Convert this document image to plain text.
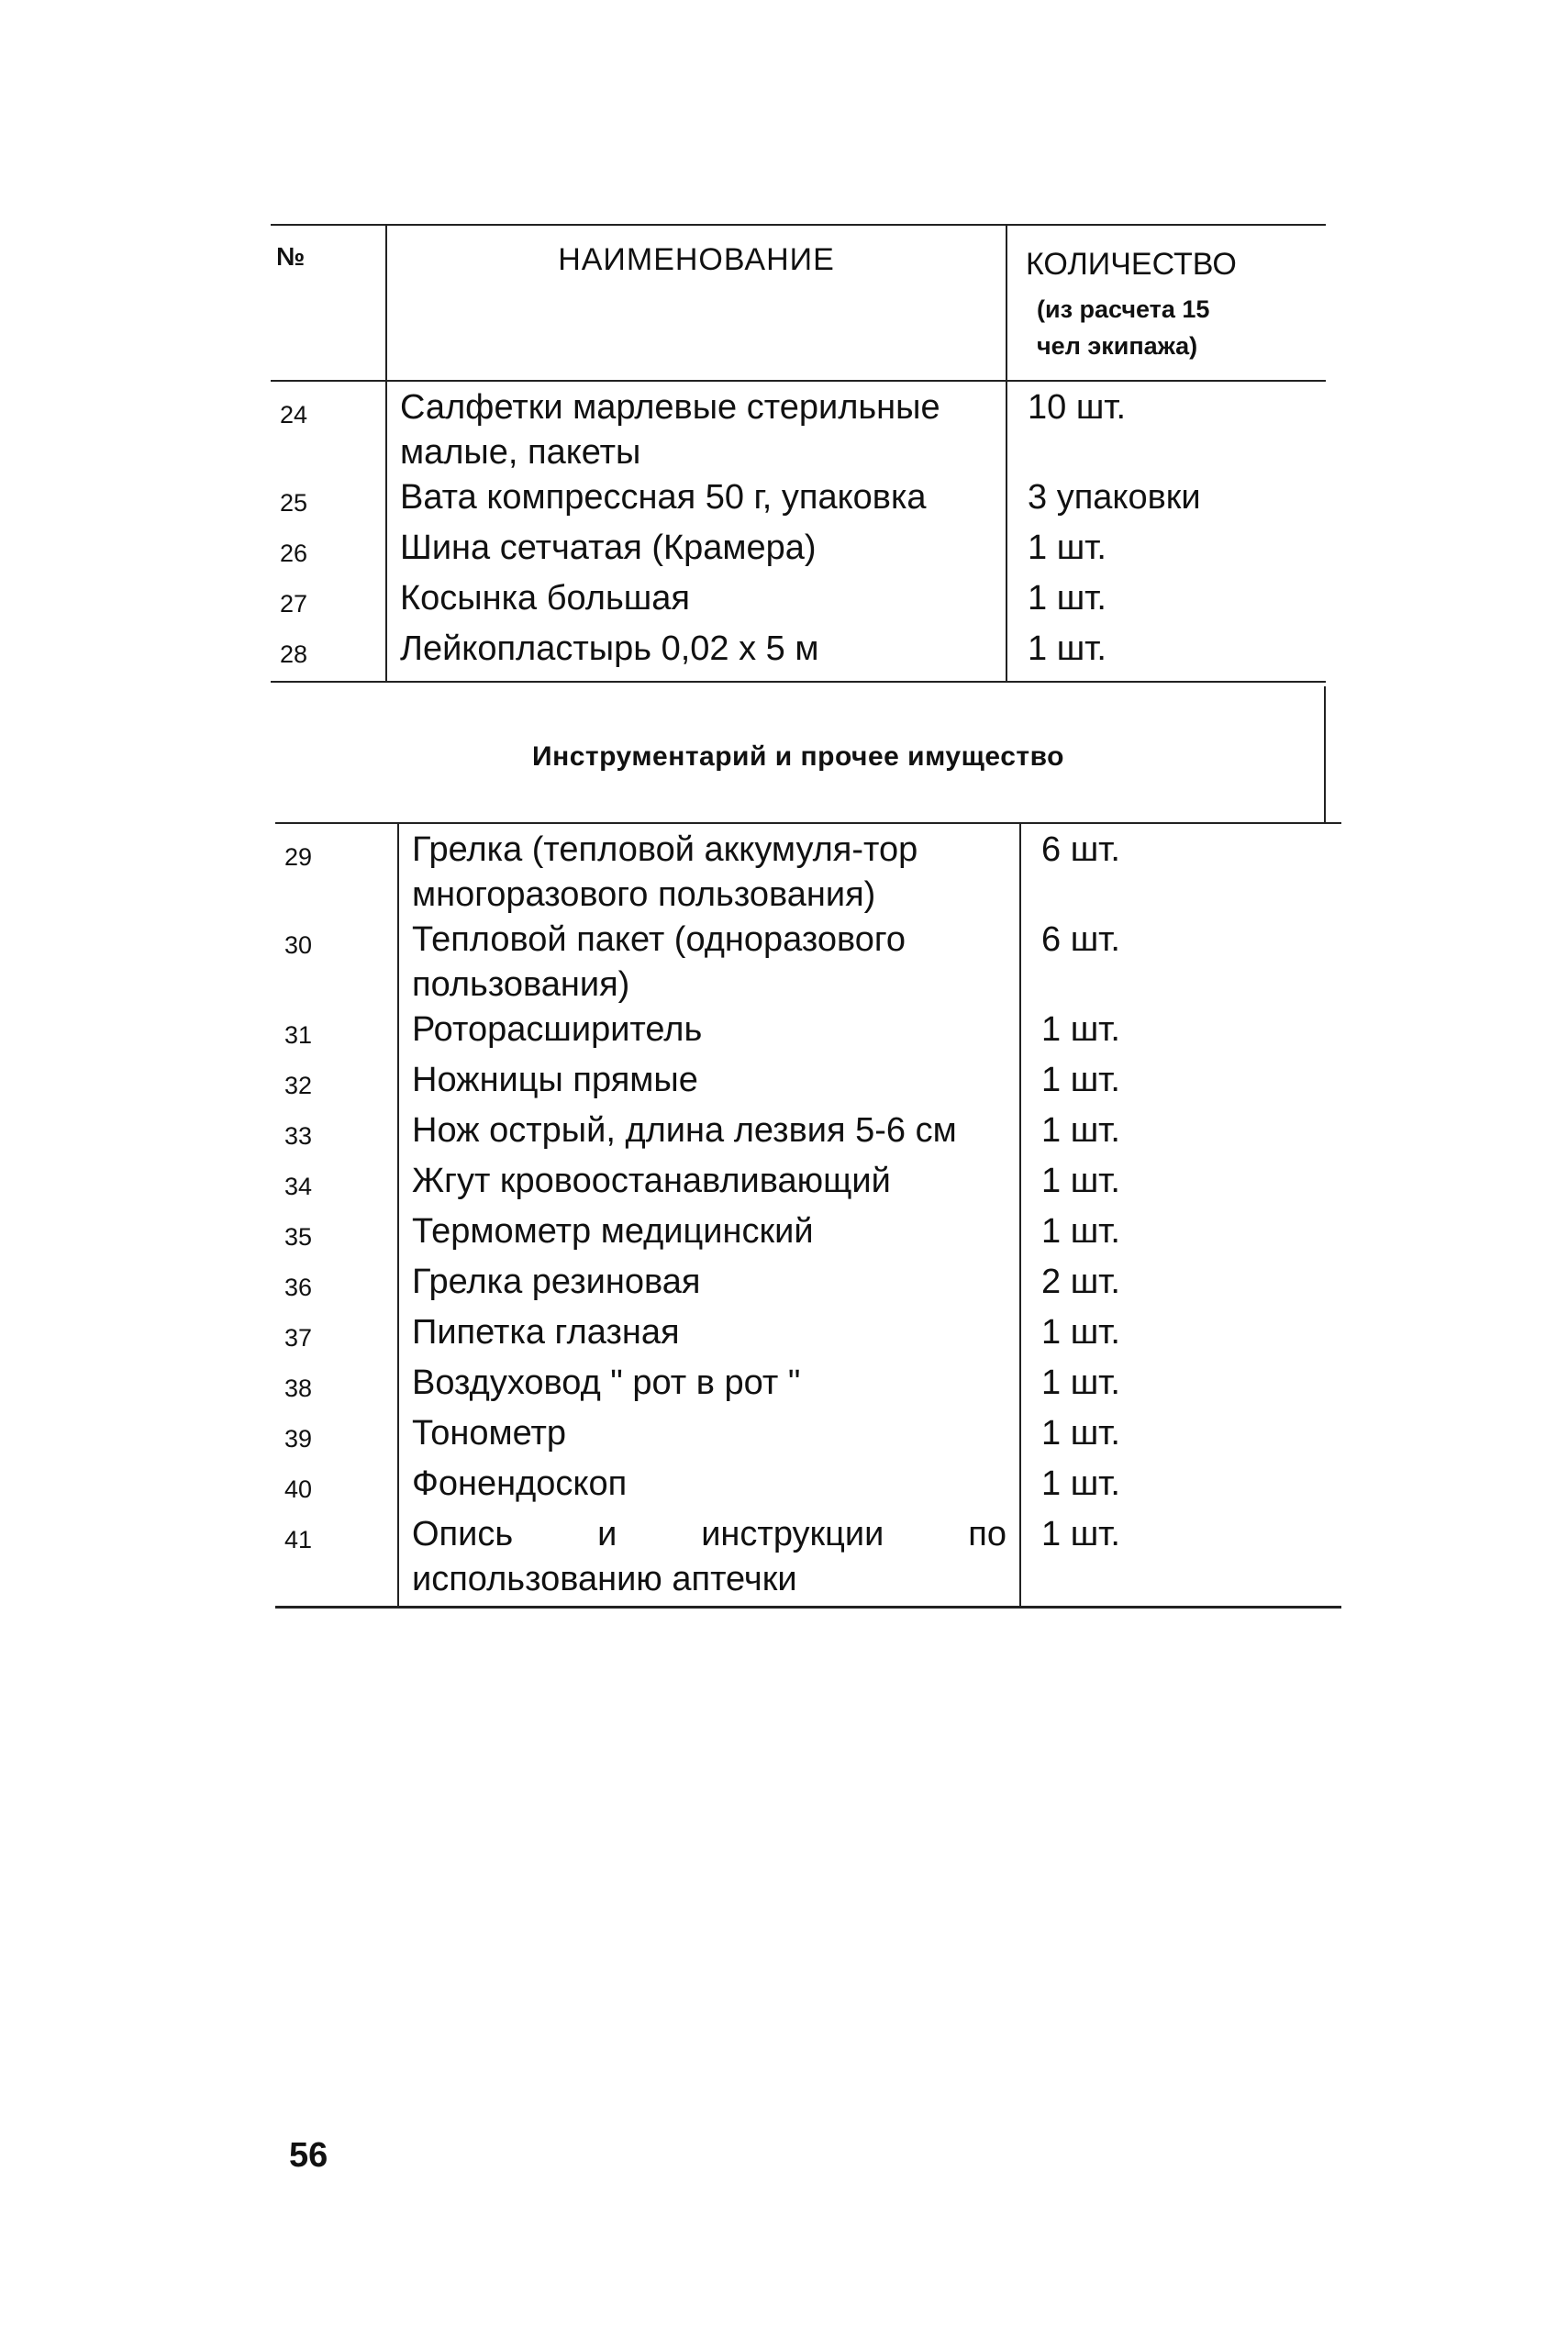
№	НАИМЕНОВАНИЕ	КОЛИЧЕСТВО
(из расчета 15
чел экипажа)

24	Салфетки марлевые стерильные малые, пакеты	10 шт.
25	Вата компрессная 50 г, упаковка	3 упаковки
26	Шина сетчатая (Крамера)	1 шт.
27	Косынка большая	1 шт.
28	Лейкопластырь 0,02 х 5 м	1 шт.
Инструментарий и прочее имущество
29	Грелка (тепловой аккумуля-тор многоразового пользования)	6 шт.
30	Тепловой пакет (одноразового пользования)	6 шт.
31	Роторасширитель	1 шт.
32	Ножницы прямые	1 шт.
33	Нож острый, длина лезвия 5-6 см	1 шт.
34	Жгут кровоостанавливающий	1 шт.
35	Термометр медицинский	1 шт.
36	Грелка резиновая	2 шт.
37	Пипетка глазная	1 шт.
38	Воздуховод " рот в рот "	1 шт.
39	Тонометр	1 шт.
40	Фонендоскоп	1 шт.
41	Опись и инструкции по использованию аптечки	1 шт.
56
